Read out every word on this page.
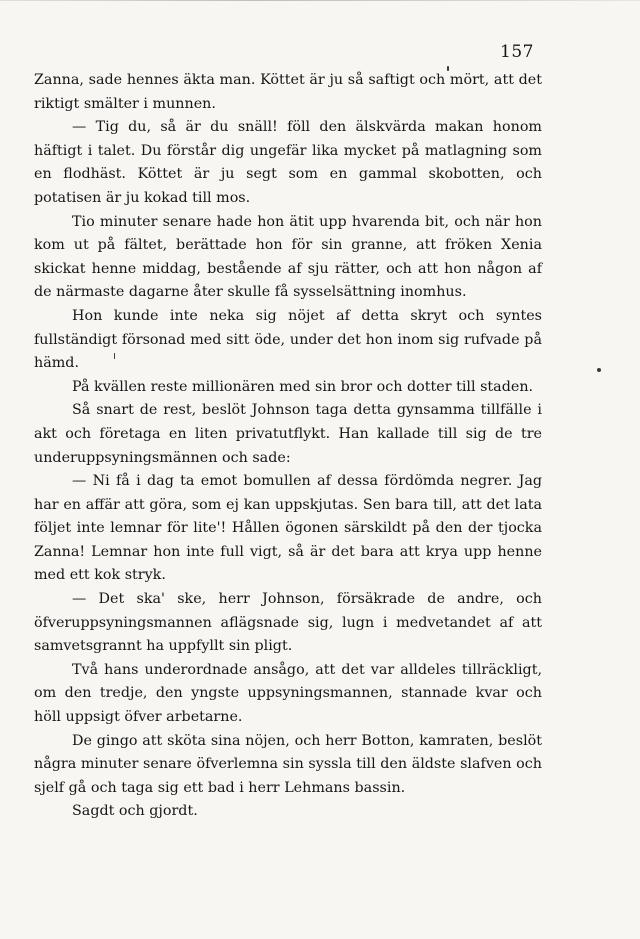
157

Zanna, sade hennes äkta man. Köttet är ju så saftigt och mört, att det riktigt smälter i munnen.

— Tig du, så är du snäll! föll den älskvärda makan honom häftigt i talet. Du förstår dig ungefär lika mycket på matlagning som en flodhäst. Köttet är ju segt som en gammal skobotten, och potatisen är ju kokad till mos.

Tio minuter senare hade hon ätit upp hvarenda bit, och när hon kom ut på fältet, berättade hon för sin granne, att fröken Xenia skickat henne middag, bestående af sju rätter, och att hon någon af de närmaste dagarne åter skulle få sysselsättning inomhus.

Hon kunde inte neka sig nöjet af detta skryt och syntes fullständigt försonad med sitt öde, under det hon inom sig rufvade på hämd.

På kvällen reste millionären med sin bror och dotter till staden.

Så snart de rest, beslöt Johnson taga detta gynsamma tillfälle i akt och företaga en liten privatutflykt. Han kallade till sig de tre underuppsyningsmännen och sade:

— Ni få i dag ta emot bomullen af dessa fördömda negrer. Jag har en affär att göra, som ej kan uppskjutas. Sen bara till, att det lata följet inte lemnar för lite'! Hållen ögonen särskildt på den der tjocka Zanna! Lemnar hon inte full vigt, så är det bara att krya upp henne med ett kok stryk.

— Det ska' ske, herr Johnson, försäkrade de andre, och öfveruppsyningsmannen aflägsnade sig, lugn i medvetandet af att samvetsgrannt ha uppfyllt sin pligt.

Två hans underordnade ansågo, att det var alldeles tillräckligt, om den tredje, den yngste uppsyningsmannen, stannade kvar och höll uppsigt öfver arbetarne.

De gingo att sköta sina nöjen, och herr Botton, kamraten, beslöt några minuter senare öfverlemna sin syssla till den äldste slafven och sjelf gå och taga sig ett bad i herr Lehmans bassin.

Sagdt och gjordt.
